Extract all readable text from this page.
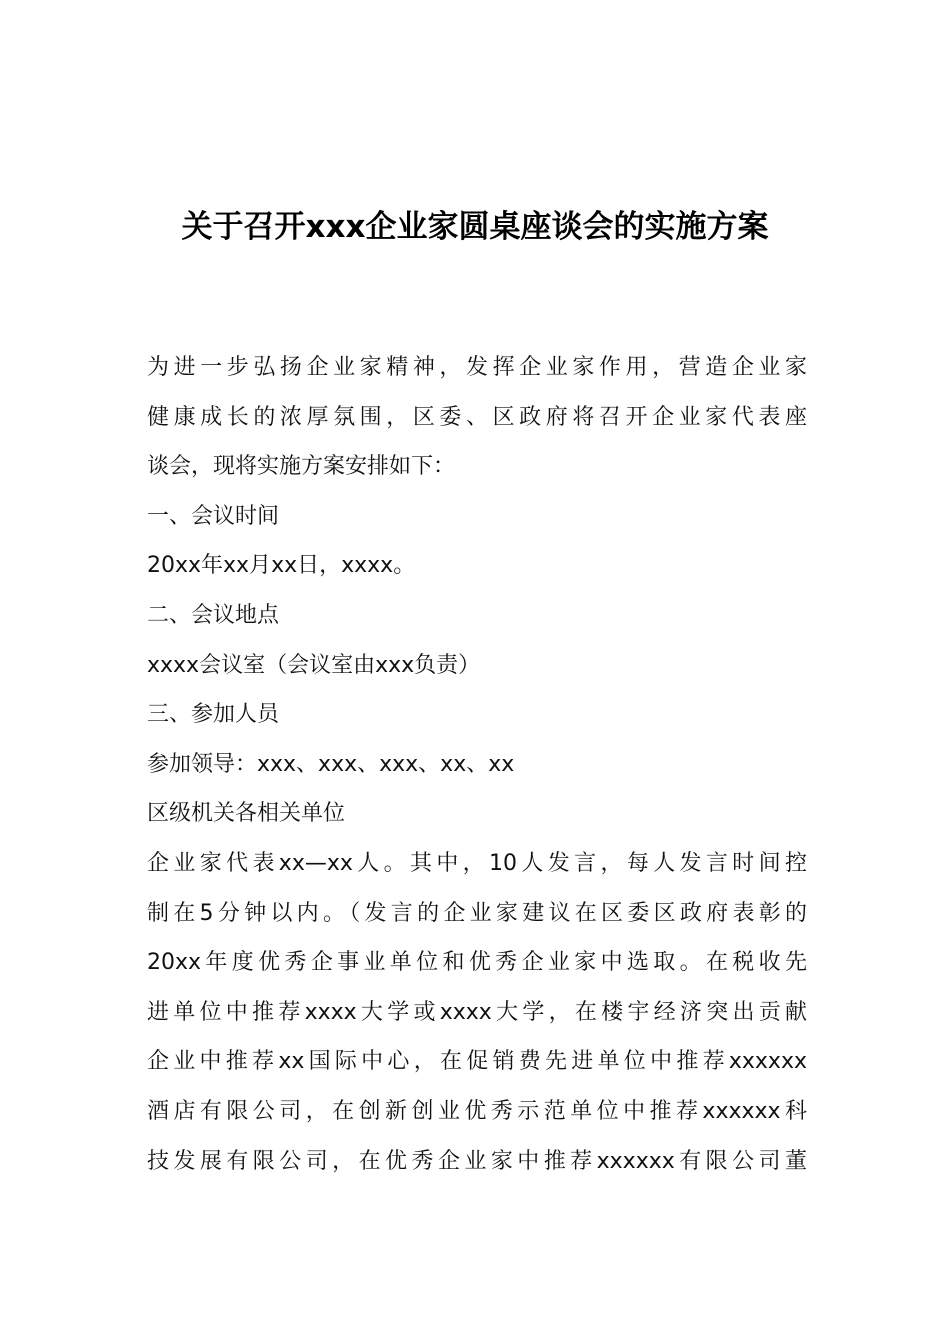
关于召开xxx企业家圆桌座谈会的实施方案
为进一步弘扬企业家精神，发挥企业家作用，营造企业家
健康成长的浓厚氛围，区委、区政府将召开企业家代表座
谈会，现将实施方案安排如下：
一、会议时间
20xx年xx月xx日，xxxx。
二、会议地点
xxxx会议室（会议室由xxx负责）
三、参加人员
参加领导：xxx、xxx、xxx、xx、xx
区级机关各相关单位
企业家代表xx—xx人。其中，10人发言，每人发言时间控
制在5分钟以内。（发言的企业家建议在区委区政府表彰的
20xx年度优秀企事业单位和优秀企业家中选取。在税收先
进单位中推荐xxxx大学或xxxx大学，在楼宇经济突出贡献
企业中推荐xx国际中心，在促销费先进单位中推荐xxxxxx
酒店有限公司，在创新创业优秀示范单位中推荐xxxxxx科
技发展有限公司，在优秀企业家中推荐xxxxxx有限公司董
